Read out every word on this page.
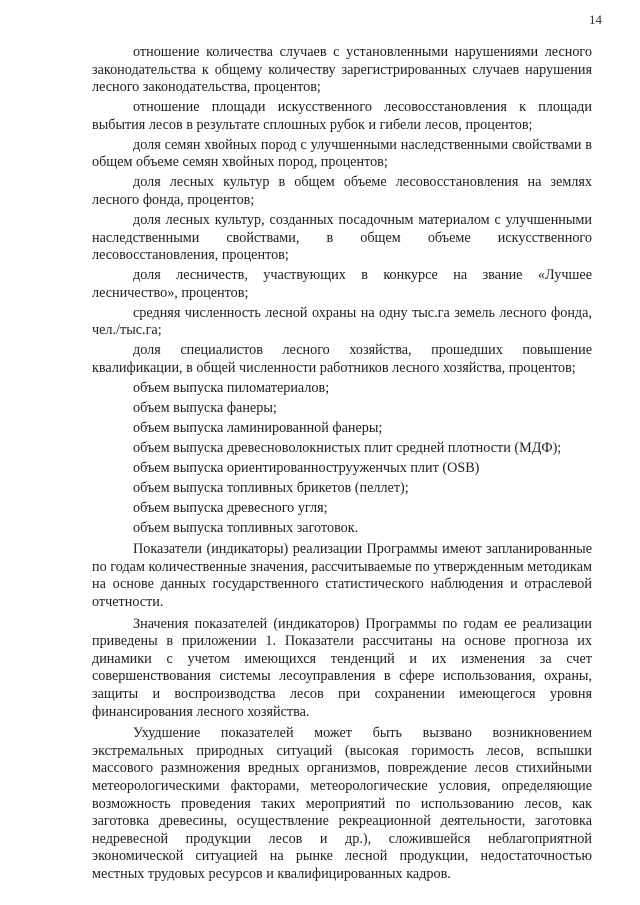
14

отношение количества случаев с установленными нарушениями лесного законодательства к общему количеству зарегистрированных случаев нарушения лесного законодательства, процентов;

отношение площади искусственного лесовосстановления к площади выбытия лесов в результате сплошных рубок и гибели лесов, процентов;

доля семян хвойных пород с улучшенными наследственными свойствами в общем объеме семян хвойных пород, процентов;

доля лесных культур в общем объеме лесовосстановления на землях лесного фонда, процентов;

доля лесных культур, созданных посадочным материалом с улучшенными наследственными свойствами, в общем объеме искусственного лесовосстановления, процентов;

доля лесничеств, участвующих в конкурсе на звание «Лучшее лесничество», процентов;

средняя численность лесной охраны на одну тыс.га земель лесного фонда, чел./тыс.га;

доля специалистов лесного хозяйства, прошедших повышение квалификации, в общей численности работников лесного хозяйства, процентов;

объем выпуска пиломатериалов;

объем выпуска фанеры;

объем выпуска ламинированной фанеры;

объем выпуска древесноволокнистых плит средней плотности (МДФ);

объем выпуска ориентированнострууженчых плит (OSB)

объем выпуска топливных брикетов (пеллет);

объем выпуска древесного угля;

объем выпуска топливных заготовок.

Показатели (индикаторы) реализации Программы имеют запланированные по годам количественные значения, рассчитываемые по утвержденным методикам на основе данных государственного статистического наблюдения и отраслевой отчетности.

Значения показателей (индикаторов) Программы по годам ее реализации приведены в приложении 1. Показатели рассчитаны на основе прогноза их динамики с учетом имеющихся тенденций и их изменения за счет совершенствования системы лесоуправления в сфере использования, охраны, защиты и воспроизводства лесов при сохранении имеющегося уровня финансирования лесного хозяйства.

Ухудшение показателей может быть вызвано возникновением экстремальных природных ситуаций (высокая горимость лесов, вспышки массового размножения вредных организмов, повреждение лесов стихийными метеорологическими факторами, метеорологические условия, определяющие возможность проведения таких мероприятий по использованию лесов, как заготовка древесины, осуществление рекреационной деятельности, заготовка недревесной продукции лесов и др.), сложившейся неблагоприятной экономической ситуацией на рынке лесной продукции, недостаточностью местных трудовых ресурсов и квалифицированных кадров.
